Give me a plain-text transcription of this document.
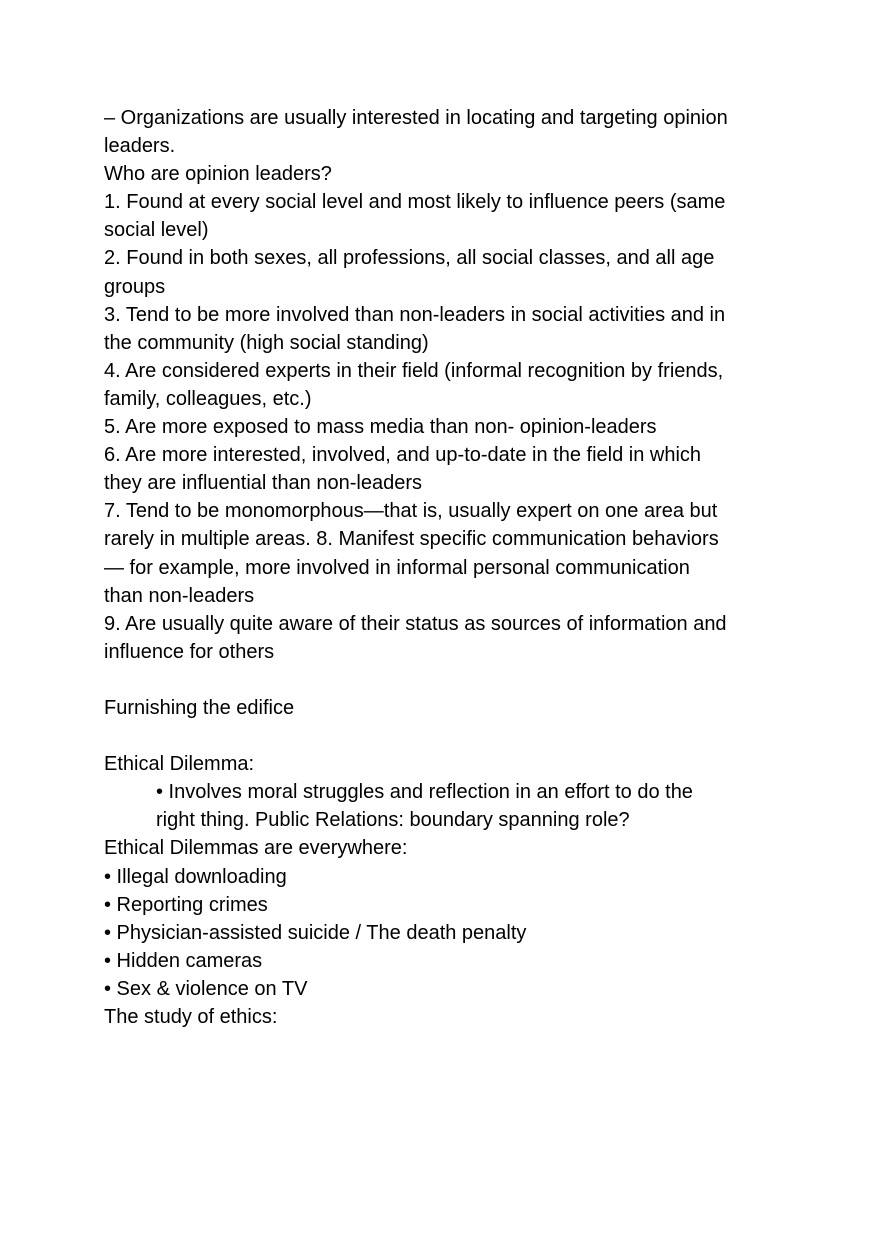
– Organizations are usually interested in locating and targeting opinion
leaders.
Who are opinion leaders?
1. Found at every social level and most likely to influence peers (same
social level)
2. Found in both sexes, all professions, all social classes, and all age
groups
3. Tend to be more involved than non-leaders in social activities and in
the community (high social standing)
4. Are considered experts in their field (informal recognition by friends,
family, colleagues, etc.)
5. Are more exposed to mass media than non- opinion-leaders
6. Are more interested, involved, and up-to-date in the field in which
they are influential than non-leaders
7. Tend to be monomorphous—that is, usually expert on one area but
rarely in multiple areas. 8. Manifest specific communication behaviors
— for example, more involved in informal personal communication
than non-leaders
9. Are usually quite aware of their status as sources of information and
influence for others
Furnishing the edifice
Ethical Dilemma:
• Involves moral struggles and reflection in an effort to do the
right thing. Public Relations: boundary spanning role?
Ethical Dilemmas are everywhere:
• Illegal downloading
• Reporting crimes
• Physician-assisted suicide / The death penalty
• Hidden cameras
• Sex & violence on TV
The study of ethics:
